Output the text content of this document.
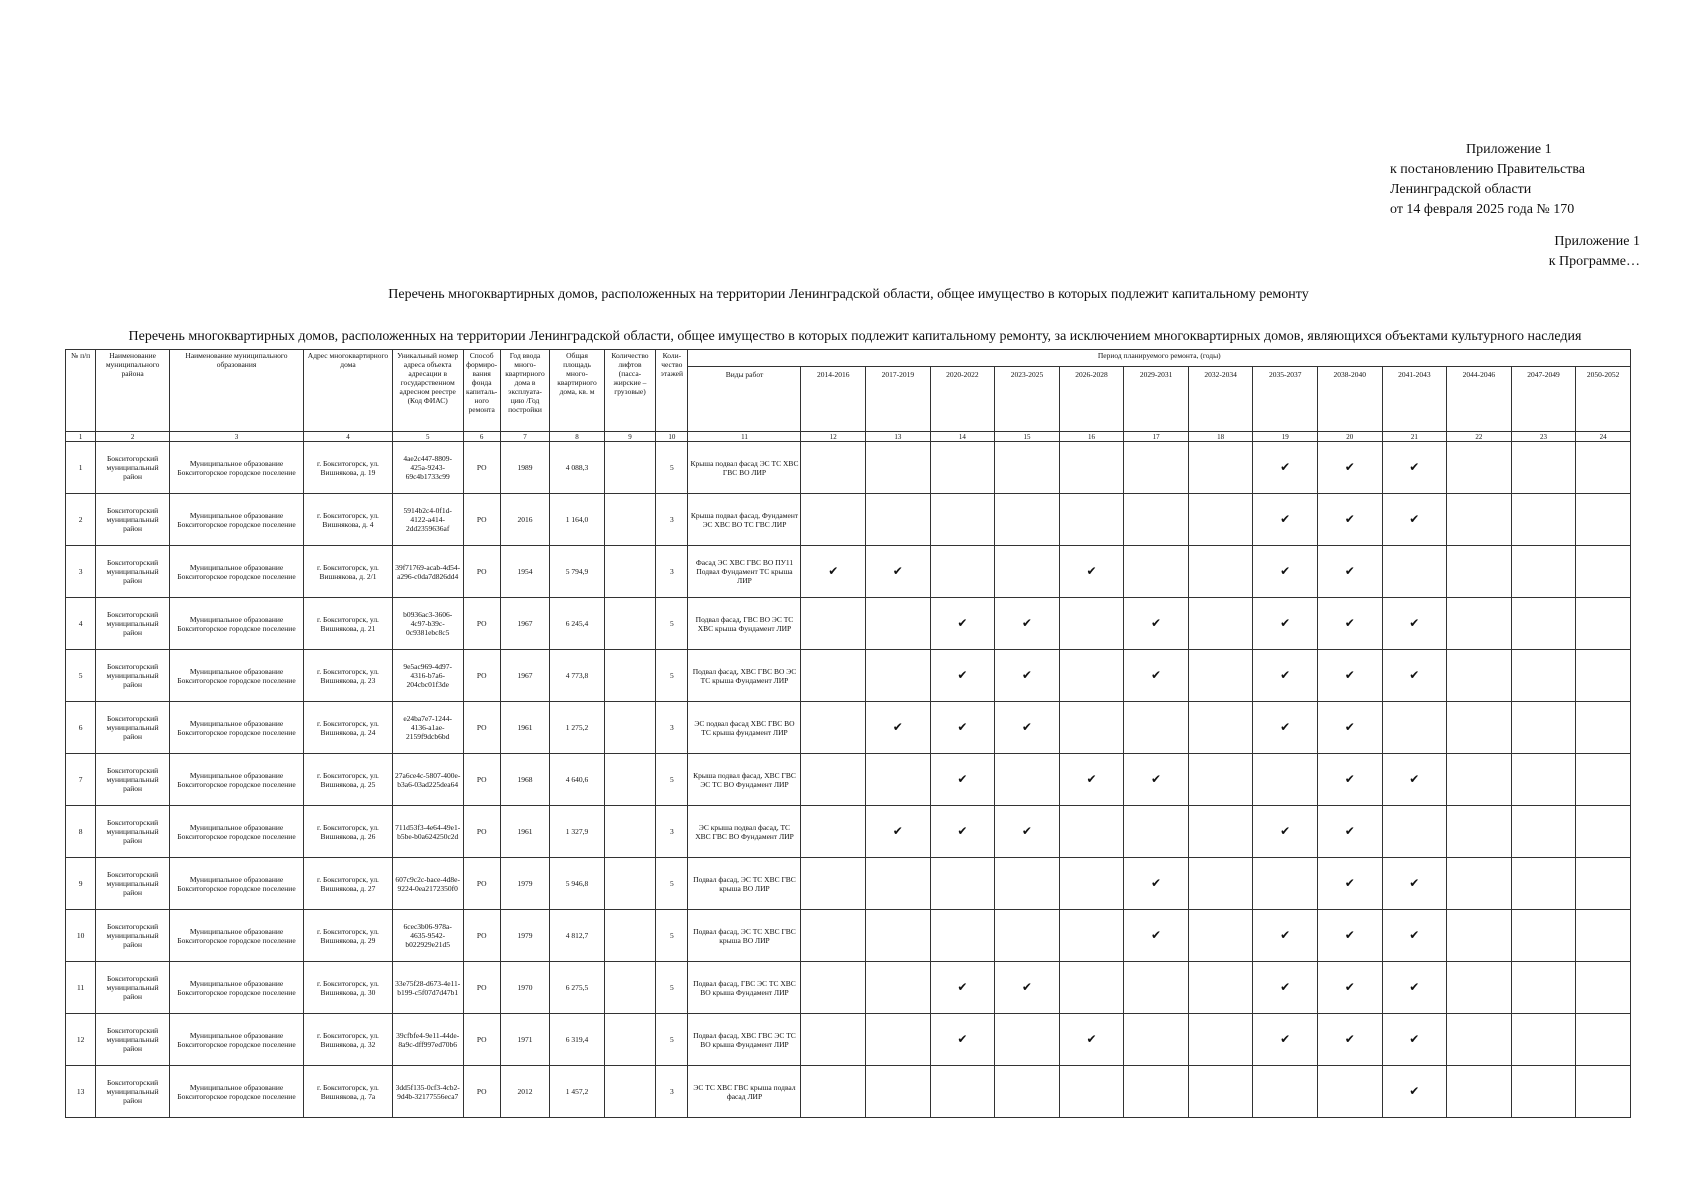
Приложение 1
к постановлению Правительства
Ленинградской области
от 14 февраля 2025 года № 170
Приложение 1
к Программе…
Перечень многоквартирных домов, расположенных на территории Ленинградской области, общее имущество в которых подлежит капитальному ремонту
Перечень многоквартирных домов, расположенных на территории Ленинградской области, общее имущество в которых подлежит капитальному ремонту, за исключением многоквартирных домов, являющихся объектами культурного наследия
№ п/п	Наименование муниципального района	Наименование муниципального образования	Адрес многоквартирного дома	Уникальный номер адреса объекта адресации в государственном адресном реестре (Код ФИАС)	Способ формиро-вания фонда капиталь-ного ремонта	Год ввода много-квартирного дома в эксплуата-цию /Год постройки	Общая площадь много-квартирного дома, кв. м	Количество лифтов (пасса-жирские – грузовые)	Коли-чество этажей	Период планируемого ремонта, (годы)													
										Виды работ	2014-2016	2017-2019	2020-2022	2023-2025	2026-2028	2029-2031	2032-2034	2035-2037	2038-2040	2041-2043	2044-2046	2047-2049	2050-2052
1	2	3	4	5	6	7	8	9	10	11	12	13	14	15	16	17	18	19	20	21	22	23	24
1	Бокситогорский муниципальный район	Муниципальное образование Бокситогорское городское поселение	г. Бокситогорск, ул. Вишнякова, д. 19	4ae2c447-8809-425a-9243-69c4b1733c99	РО	1989	4 088,3		5	Крыша подвал фасад ЭС ТС ХВС ГВС ВО ЛИР								✔	✔	✔			
2	Бокситогорский муниципальный район	Муниципальное образование Бокситогорское городское поселение	г. Бокситогорск, ул. Вишнякова, д. 4	5914b2c4-0f1d-4122-a414-2dd2359636af	РО	2016	1 164,0		3	Крыша подвал фасад, Фундамент ЭС ХВС ВО ТС ГВС ЛИР								✔	✔	✔			
3	Бокситогорский муниципальный район	Муниципальное образование Бокситогорское городское поселение	г. Бокситогорск, ул. Вишнякова, д. 2/1	39f71769-acab-4d54-a296-c0da7d826dd4	РО	1954	5 794,9		3	Фасад ЭС ХВС ГВС ВО ПУ11 Подвал Фундамент ТС крыша ЛИР	✔	✔			✔			✔	✔				
4	Бокситогорский муниципальный район	Муниципальное образование Бокситогорское городское поселение	г. Бокситогорск, ул. Вишнякова, д. 21	b0936ac3-3606-4c97-b39c-0c9381ebc8c5	РО	1967	6 245,4		5	Подвал фасад, ГВС ВО ЭС ТС ХВС крыша Фундамент ЛИР			✔	✔		✔		✔	✔	✔			
5	Бокситогорский муниципальный район	Муниципальное образование Бокситогорское городское поселение	г. Бокситогорск, ул. Вишнякова, д. 23	9e5ac969-4d97-4316-b7a6-204cbc01f3de	РО	1967	4 773,8		5	Подвал фасад, ХВС ГВС ВО ЭС ТС крыша Фундамент ЛИР			✔	✔		✔		✔	✔	✔			
6	Бокситогорский муниципальный район	Муниципальное образование Бокситогорское городское поселение	г. Бокситогорск, ул. Вишнякова, д. 24	e24ba7e7-1244-4136-a1ae-2159f9dcb6bd	РО	1961	1 275,2		3	ЭС подвал фасад ХВС ГВС ВО ТС крыша фундамент ЛИР		✔	✔	✔				✔	✔				
7	Бокситогорский муниципальный район	Муниципальное образование Бокситогорское городское поселение	г. Бокситогорск, ул. Вишнякова, д. 25	27a6ce4c-5807-400e-b3a6-03ad225dea64	РО	1968	4 640,6		5	Крыша подвал фасад, ХВС ГВС ЭС ТС ВО Фундамент ЛИР			✔		✔	✔			✔	✔			
8	Бокситогорский муниципальный район	Муниципальное образование Бокситогорское городское поселение	г. Бокситогорск, ул. Вишнякова, д. 26	711d53f3-4e64-49e1-b5be-b0a624250c2d	РО	1961	1 327,9		3	ЭС крыша подвал фасад, ТС ХВС ГВС ВО Фундамент ЛИР		✔	✔	✔				✔	✔				
9	Бокситогорский муниципальный район	Муниципальное образование Бокситогорское городское поселение	г. Бокситогорск, ул. Вишнякова, д. 27	607c9c2c-bace-4d8e-9224-0ea2172350f0	РО	1979	5 946,8		5	Подвал фасад, ЭС ТС ХВС ГВС крыша ВО ЛИР						✔			✔	✔			
10	Бокситогорский муниципальный район	Муниципальное образование Бокситогорское городское поселение	г. Бокситогорск, ул. Вишнякова, д. 29	6cec3b06-978a-4635-9542-b022929e21d5	РО	1979	4 812,7		5	Подвал фасад, ЭС ТС ХВС ГВС крыша ВО ЛИР						✔		✔	✔	✔			
11	Бокситогорский муниципальный район	Муниципальное образование Бокситогорское городское поселение	г. Бокситогорск, ул. Вишнякова, д. 30	33e75f28-d673-4e11-b199-c5f07d7d47b1	РО	1970	6 275,5		5	Подвал фасад, ГВС ЭС ТС ХВС ВО крыша Фундамент ЛИР			✔	✔				✔	✔	✔			
12	Бокситогорский муниципальный район	Муниципальное образование Бокситогорское городское поселение	г. Бокситогорск, ул. Вишнякова, д. 32	39cfbfe4-9e11-44de-8a9c-dff997ed70b6	РО	1971	6 319,4		5	Подвал фасад, ХВС ГВС ЭС ТС ВО крыша Фундамент ЛИР			✔		✔			✔	✔	✔			
13	Бокситогорский муниципальный район	Муниципальное образование Бокситогорское городское поселение	г. Бокситогорск, ул. Вишнякова, д. 7а	3dd5f135-0cf3-4cb2-9d4b-32177556eca7	РО	2012	1 457,2		3	ЭС ТС ХВС ГВС крыша подвал фасад ЛИР										✔			
